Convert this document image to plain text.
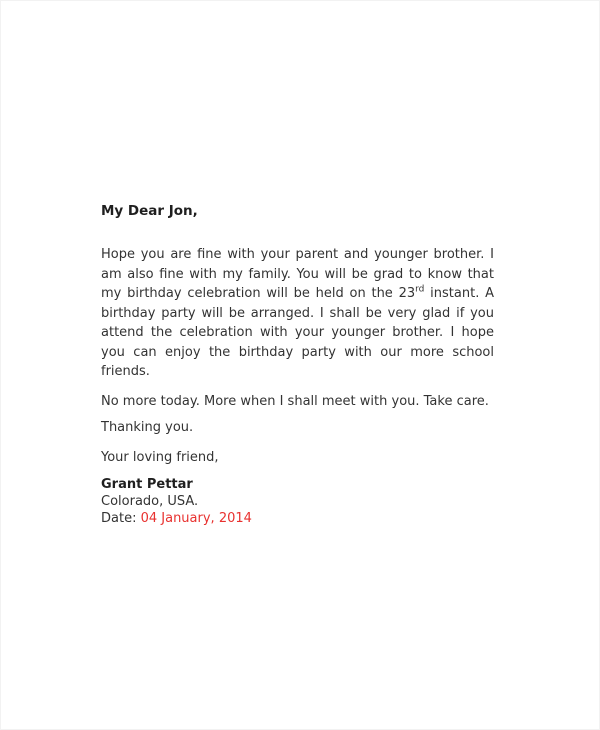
My Dear Jon,

Hope you are fine with your parent and younger brother. I am also fine with my family. You will be grad to know that my birthday celebration will be held on the 23rd instant. A birthday party will be arranged. I shall be very glad if you attend the celebration with your younger brother. I hope you can enjoy the birthday party with our more school friends.

No more today. More when I shall meet with you. Take care.

Thanking you.

Your loving friend,

Grant Pettar
Colorado, USA.
Date: 04 January, 2014
